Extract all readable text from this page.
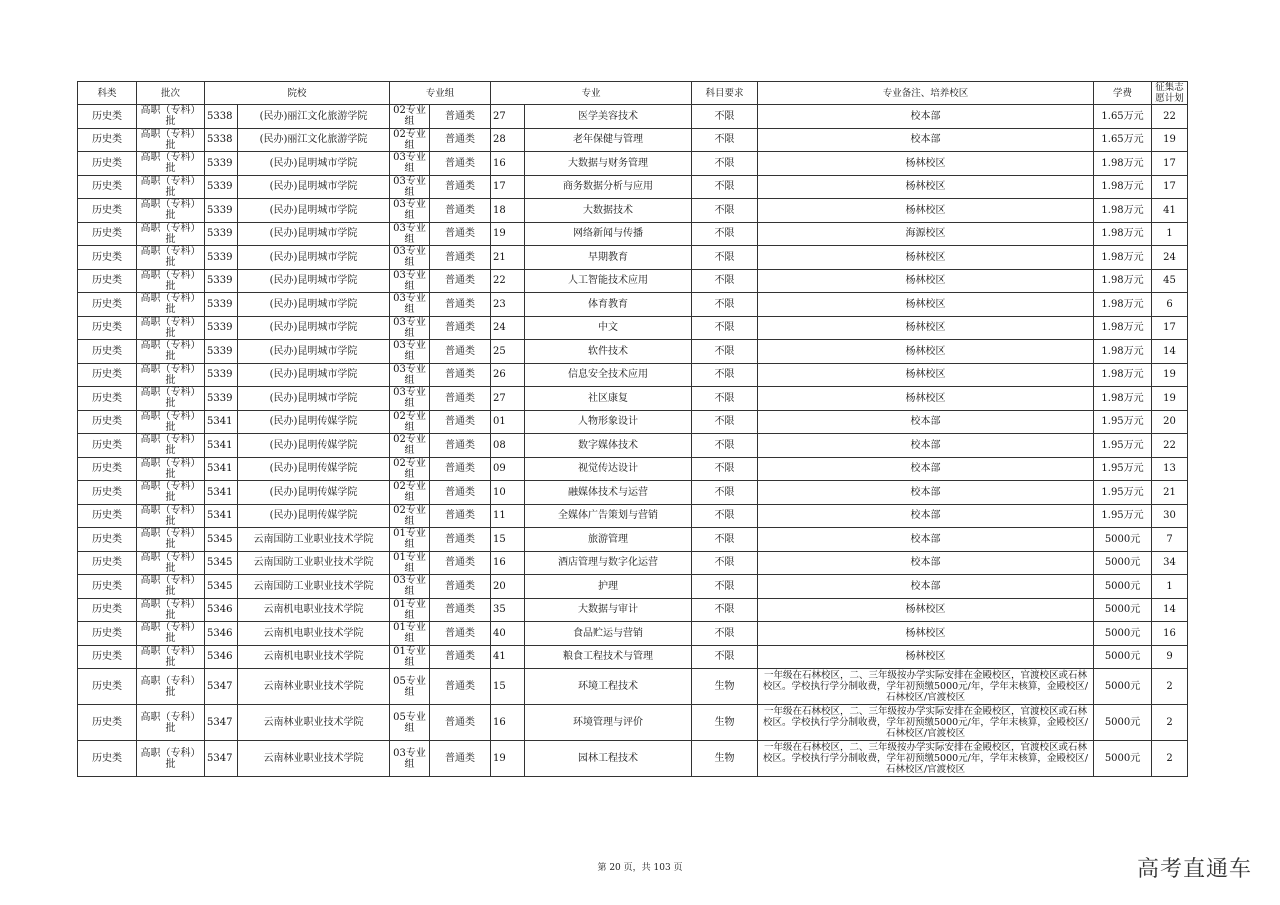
科类	批次	院校		专业组		专业		科目要求	专业备注、培养校区	学费	征集志愿计划
历史类	高职（专科）批	5338	(民办)丽江文化旅游学院	02专业组	普通类	27	医学美容技术	不限	校本部	1.65万元	22
历史类	高职（专科）批	5338	(民办)丽江文化旅游学院	02专业组	普通类	28	老年保健与管理	不限	校本部	1.65万元	19
历史类	高职（专科）批	5339	(民办)昆明城市学院	03专业组	普通类	16	大数据与财务管理	不限	杨林校区	1.98万元	17
历史类	高职（专科）批	5339	(民办)昆明城市学院	03专业组	普通类	17	商务数据分析与应用	不限	杨林校区	1.98万元	17
历史类	高职（专科）批	5339	(民办)昆明城市学院	03专业组	普通类	18	大数据技术	不限	杨林校区	1.98万元	41
历史类	高职（专科）批	5339	(民办)昆明城市学院	03专业组	普通类	19	网络新闻与传播	不限	海源校区	1.98万元	1
历史类	高职（专科）批	5339	(民办)昆明城市学院	03专业组	普通类	21	早期教育	不限	杨林校区	1.98万元	24
历史类	高职（专科）批	5339	(民办)昆明城市学院	03专业组	普通类	22	人工智能技术应用	不限	杨林校区	1.98万元	45
历史类	高职（专科）批	5339	(民办)昆明城市学院	03专业组	普通类	23	体育教育	不限	杨林校区	1.98万元	6
历史类	高职（专科）批	5339	(民办)昆明城市学院	03专业组	普通类	24	中文	不限	杨林校区	1.98万元	17
历史类	高职（专科）批	5339	(民办)昆明城市学院	03专业组	普通类	25	软件技术	不限	杨林校区	1.98万元	14
历史类	高职（专科）批	5339	(民办)昆明城市学院	03专业组	普通类	26	信息安全技术应用	不限	杨林校区	1.98万元	19
历史类	高职（专科）批	5339	(民办)昆明城市学院	03专业组	普通类	27	社区康复	不限	杨林校区	1.98万元	19
历史类	高职（专科）批	5341	(民办)昆明传媒学院	02专业组	普通类	01	人物形象设计	不限	校本部	1.95万元	20
历史类	高职（专科）批	5341	(民办)昆明传媒学院	02专业组	普通类	08	数字媒体技术	不限	校本部	1.95万元	22
历史类	高职（专科）批	5341	(民办)昆明传媒学院	02专业组	普通类	09	视觉传达设计	不限	校本部	1.95万元	13
历史类	高职（专科）批	5341	(民办)昆明传媒学院	02专业组	普通类	10	融媒体技术与运营	不限	校本部	1.95万元	21
历史类	高职（专科）批	5341	(民办)昆明传媒学院	02专业组	普通类	11	全媒体广告策划与营销	不限	校本部	1.95万元	30
历史类	高职（专科）批	5345	云南国防工业职业技术学院	01专业组	普通类	15	旅游管理	不限	校本部	5000元	7
历史类	高职（专科）批	5345	云南国防工业职业技术学院	01专业组	普通类	16	酒店管理与数字化运营	不限	校本部	5000元	34
历史类	高职（专科）批	5345	云南国防工业职业技术学院	03专业组	普通类	20	护理	不限	校本部	5000元	1
历史类	高职（专科）批	5346	云南机电职业技术学院	01专业组	普通类	35	大数据与审计	不限	杨林校区	5000元	14
历史类	高职（专科）批	5346	云南机电职业技术学院	01专业组	普通类	40	食品贮运与营销	不限	杨林校区	5000元	16
历史类	高职（专科）批	5346	云南机电职业技术学院	01专业组	普通类	41	粮食工程技术与管理	不限	杨林校区	5000元	9
历史类	高职（专科）批	5347	云南林业职业技术学院	05专业组	普通类	15	环境工程技术	生物	一年级在石林校区，二、三年级按办学实际安排在金殿校区，官渡校区或石林校区。学校执行学分制收费，学年初预缴5000元/年，学年末核算，金殿校区/石林校区/官渡校区	5000元	2
历史类	高职（专科）批	5347	云南林业职业技术学院	05专业组	普通类	16	环境管理与评价	生物	一年级在石林校区，二、三年级按办学实际安排在金殿校区，官渡校区或石林校区。学校执行学分制收费，学年初预缴5000元/年，学年末核算，金殿校区/石林校区/官渡校区	5000元	2
历史类	高职（专科）批	5347	云南林业职业技术学院	03专业组	普通类	19	园林工程技术	生物	一年级在石林校区，二、三年级按办学实际安排在金殿校区，官渡校区或石林校区。学校执行学分制收费，学年初预缴5000元/年，学年末核算，金殿校区/石林校区/官渡校区	5000元	2
第 20 页，共 103 页	高考直通车
